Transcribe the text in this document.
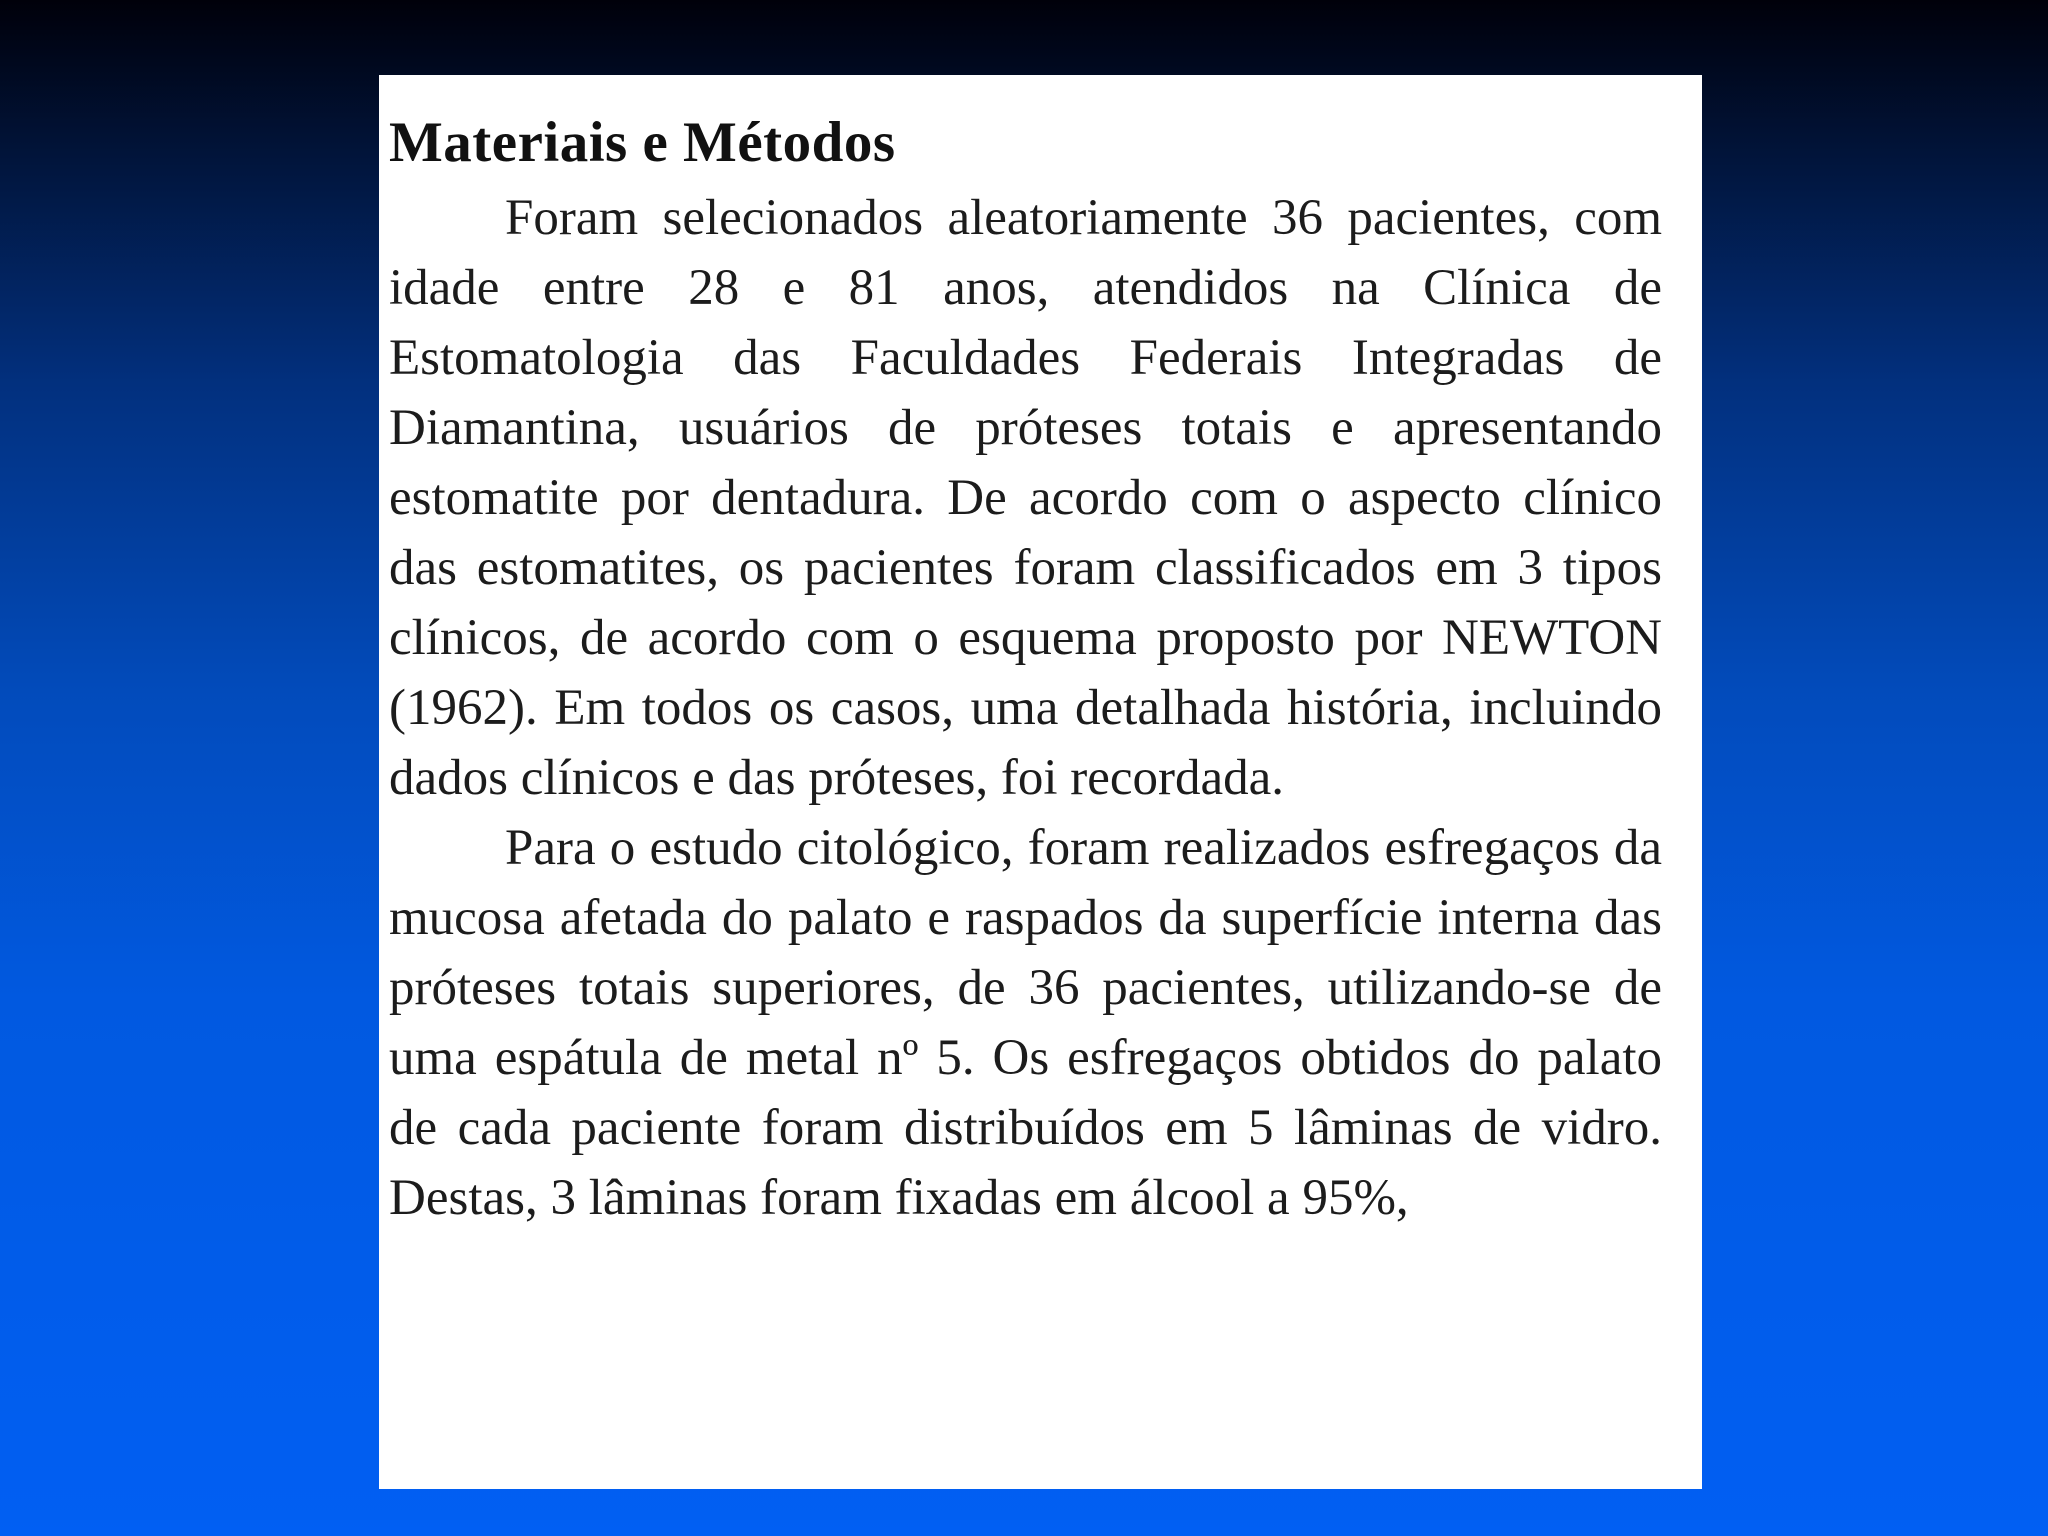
Materiais e Métodos

Foram selecionados aleatoriamente 36 pacientes, com idade entre 28 e 81 anos, atendidos na Clínica de Estomatologia das Faculdades Federais Integradas de Diamantina, usuários de próteses totais e apresentando estomatite por dentadura. De acordo com o aspecto clínico das estomatites, os pacientes foram classificados em 3 tipos clínicos, de acordo com o esquema proposto por NEWTON (1962). Em todos os casos, uma detalhada história, incluindo dados clínicos e das próteses, foi recordada.

Para o estudo citológico, foram realizados esfregaços da mucosa afetada do palato e raspados da superfície interna das próteses totais superiores, de 36 pacientes, utilizando-se de uma espátula de metal nº 5. Os esfregaços obtidos do palato de cada paciente foram distribuídos em 5 lâminas de vidro. Destas, 3 lâminas foram fixadas em álcool a 95%,
